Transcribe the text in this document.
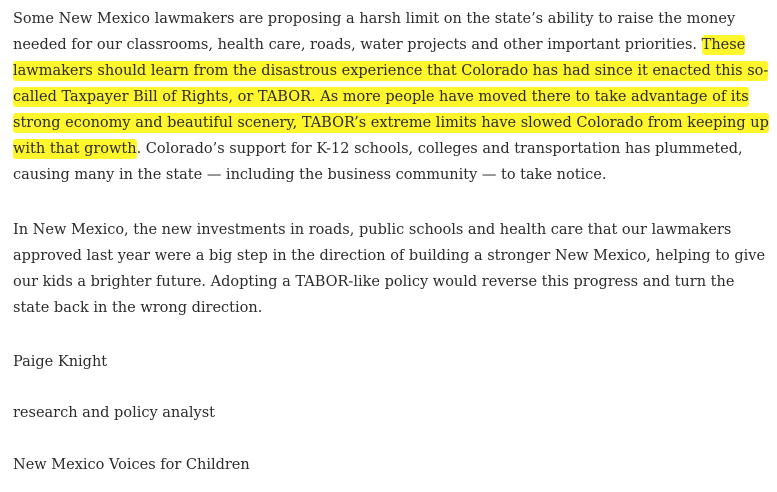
Some New Mexico lawmakers are proposing a harsh limit on the state’s ability to raise the money needed for our classrooms, health care, roads, water projects and other important priorities. These lawmakers should learn from the disastrous experience that Colorado has had since it enacted this so-called Taxpayer Bill of Rights, or TABOR. As more people have moved there to take advantage of its strong economy and beautiful scenery, TABOR’s extreme limits have slowed Colorado from keeping up with that growth. Colorado’s support for K-12 schools, colleges and transportation has plummeted, causing many in the state — including the business community — to take notice.

In New Mexico, the new investments in roads, public schools and health care that our lawmakers approved last year were a big step in the direction of building a stronger New Mexico, helping to give our kids a brighter future. Adopting a TABOR-like policy would reverse this progress and turn the state back in the wrong direction.

Paige Knight

research and policy analyst

New Mexico Voices for Children
